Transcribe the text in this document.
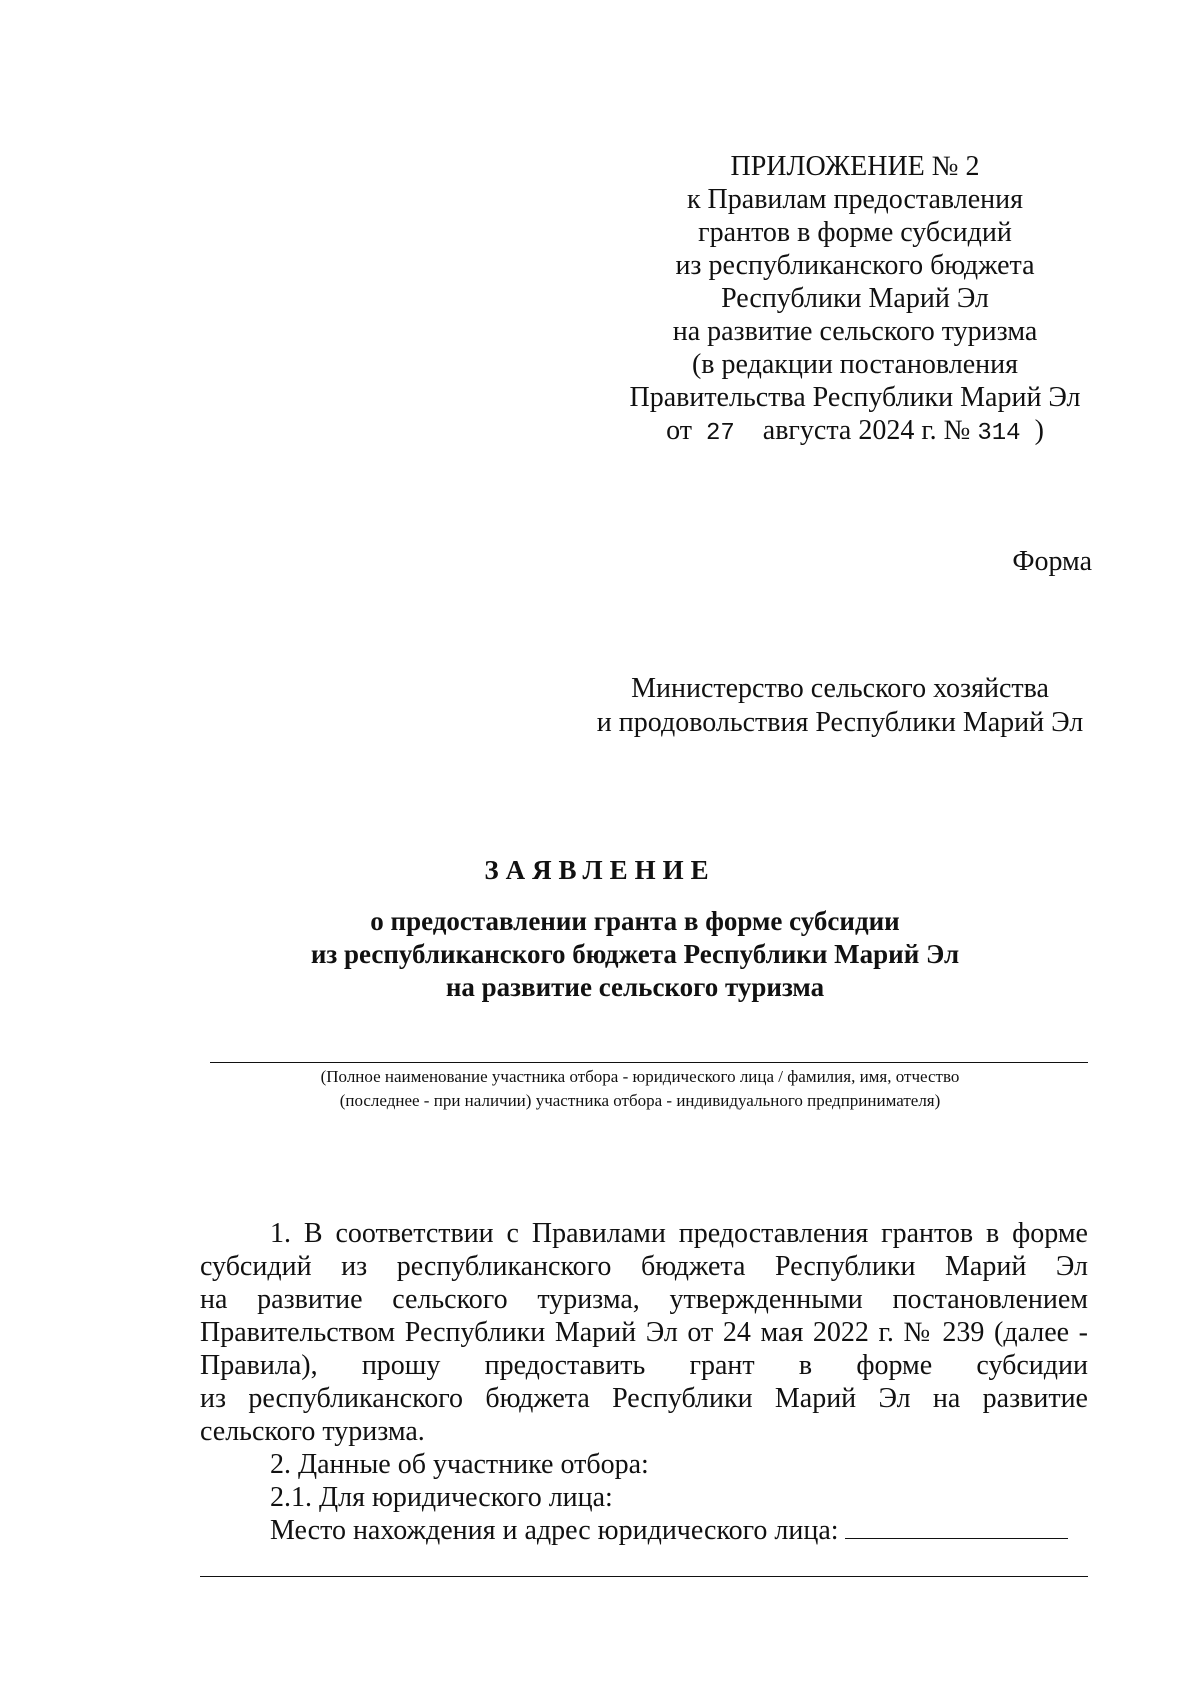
ПРИЛОЖЕНИЕ № 2
к Правилам предоставления
грантов в форме субсидий
из республиканского бюджета
Республики Марий Эл
на развитие сельского туризма
(в редакции постановления
Правительства Республики Марий Эл
от 27 августа 2024 г. № 314 )
Форма
Министерство сельского хозяйства
и продовольствия Республики Марий Эл
ЗАЯВЛЕНИЕ
о предоставлении гранта в форме субсидии
из республиканского бюджета Республики Марий Эл
на развитие сельского туризма
(Полное наименование участника отбора - юридического лица / фамилия, имя, отчество
(последнее - при наличии) участника отбора - индивидуального предпринимателя)
1. В соответствии с Правилами предоставления грантов в форме
субсидий из республиканского бюджета Республики Марий Эл
на развитие сельского туризма, утвержденными постановлением
Правительством Республики Марий Эл от 24 мая 2022 г. № 239 (далее -
Правила), прошу предоставить грант в форме субсидии
из республиканского бюджета Республики Марий Эл на развитие
сельского туризма.
2. Данные об участнике отбора:
2.1. Для юридического лица:
Место нахождения и адрес юридического лица:
